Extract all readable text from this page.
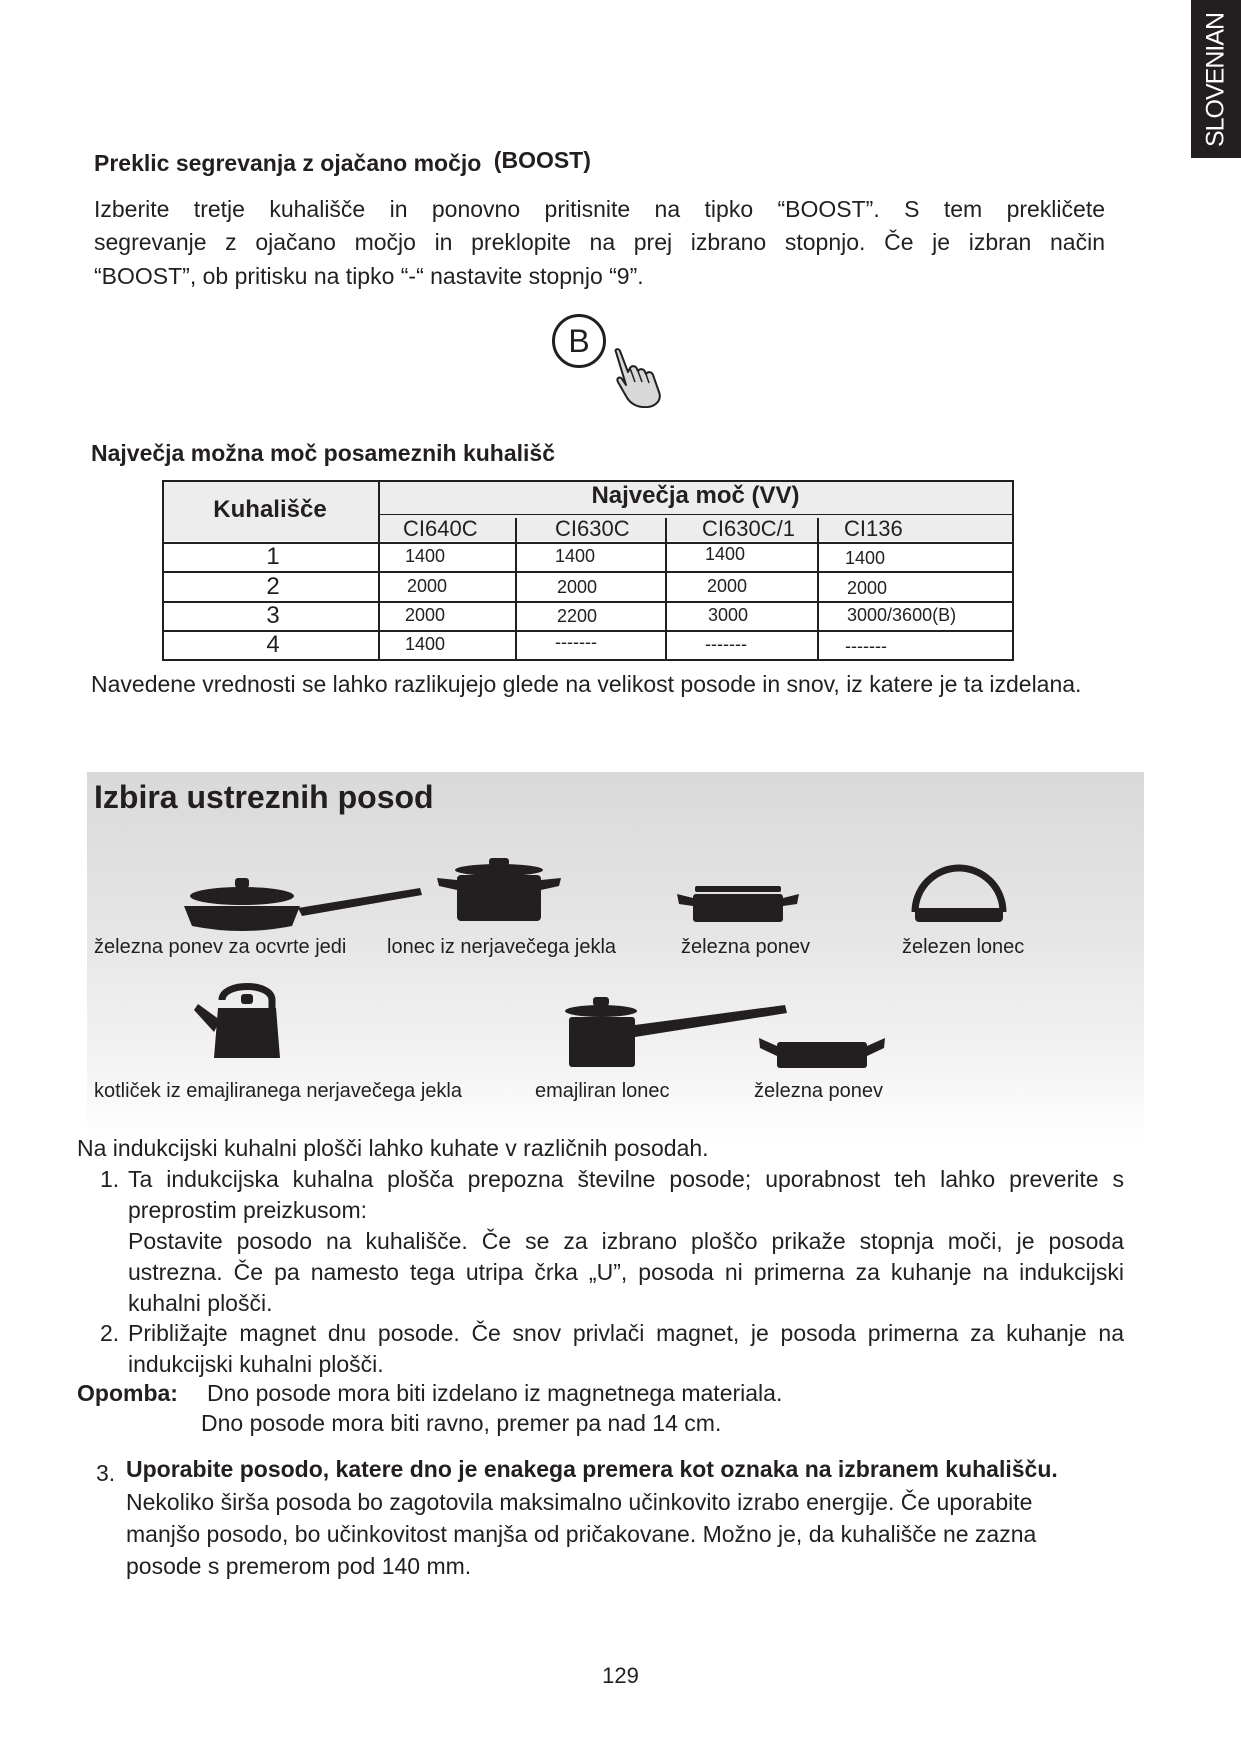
SLOVENIAN
Preklic segrevanja z ojačano močjo (BOOST)
Izberite tretje kuhališče in ponovno pritisnite na tipko “BOOST”. S tem prekličete
segrevanje z ojačano močjo in preklopite na prej izbrano stopnjo. Če je izbran način
“BOOST”, ob pritisku na tipko “-“ nastavite stopnjo “9”.
B
Največja možna moč posameznih kuhališč
Kuhališče
Največja moč (VV)
CI640C	CI630C	CI630C/1 CI136
1	1400	1400	1400	1400
2	2000	2000	2000	2000
3	2000	2200	3000	3000/3600(B)
4	1400	-------	-------	-------
Navedene vrednosti se lahko razlikujejo glede na velikost posode in snov, iz katere je ta izdelana.
Izbira ustreznih posod
železna ponev za ocvrte jedi lonec iz nerjavečega jekla	železna ponev	železen lonec
kotliček iz emajliranega nerjavečega jekla	emajliran lonec	železna ponev
Na indukcijski kuhalni plošči lahko kuhate v različnih posodah.
1. Ta indukcijska kuhalna plošča prepozna številne posode; uporabnost teh lahko preverite s
preprostim preizkusom:
Postavite posodo na kuhališče. Če se za izbrano ploščo prikaže stopnja moči, je posoda ustrezna. Če pa namesto tega utripa črka „U”, posoda ni primerna za kuhanje na indukcijski kuhalni plošči.
2. Približajte magnet dnu posode. Če snov privlači magnet, je posoda primerna za kuhanje na indukcijski kuhalni plošči.
Opomba: Dno posode mora biti izdelano iz magnetnega materiala.
Dno posode mora biti ravno, premer pa nad 14 cm.
3. Uporabite posodo, katere dno je enakega premera kot oznaka na izbranem kuhališču.
Nekoliko širša posoda bo zagotovila maksimalno učinkovito izrabo energije. Če uporabite manjšo posodo, bo učinkovitost manjša od pričakovane. Možno je, da kuhališče ne zazna posode s premerom pod 140 mm.
129
